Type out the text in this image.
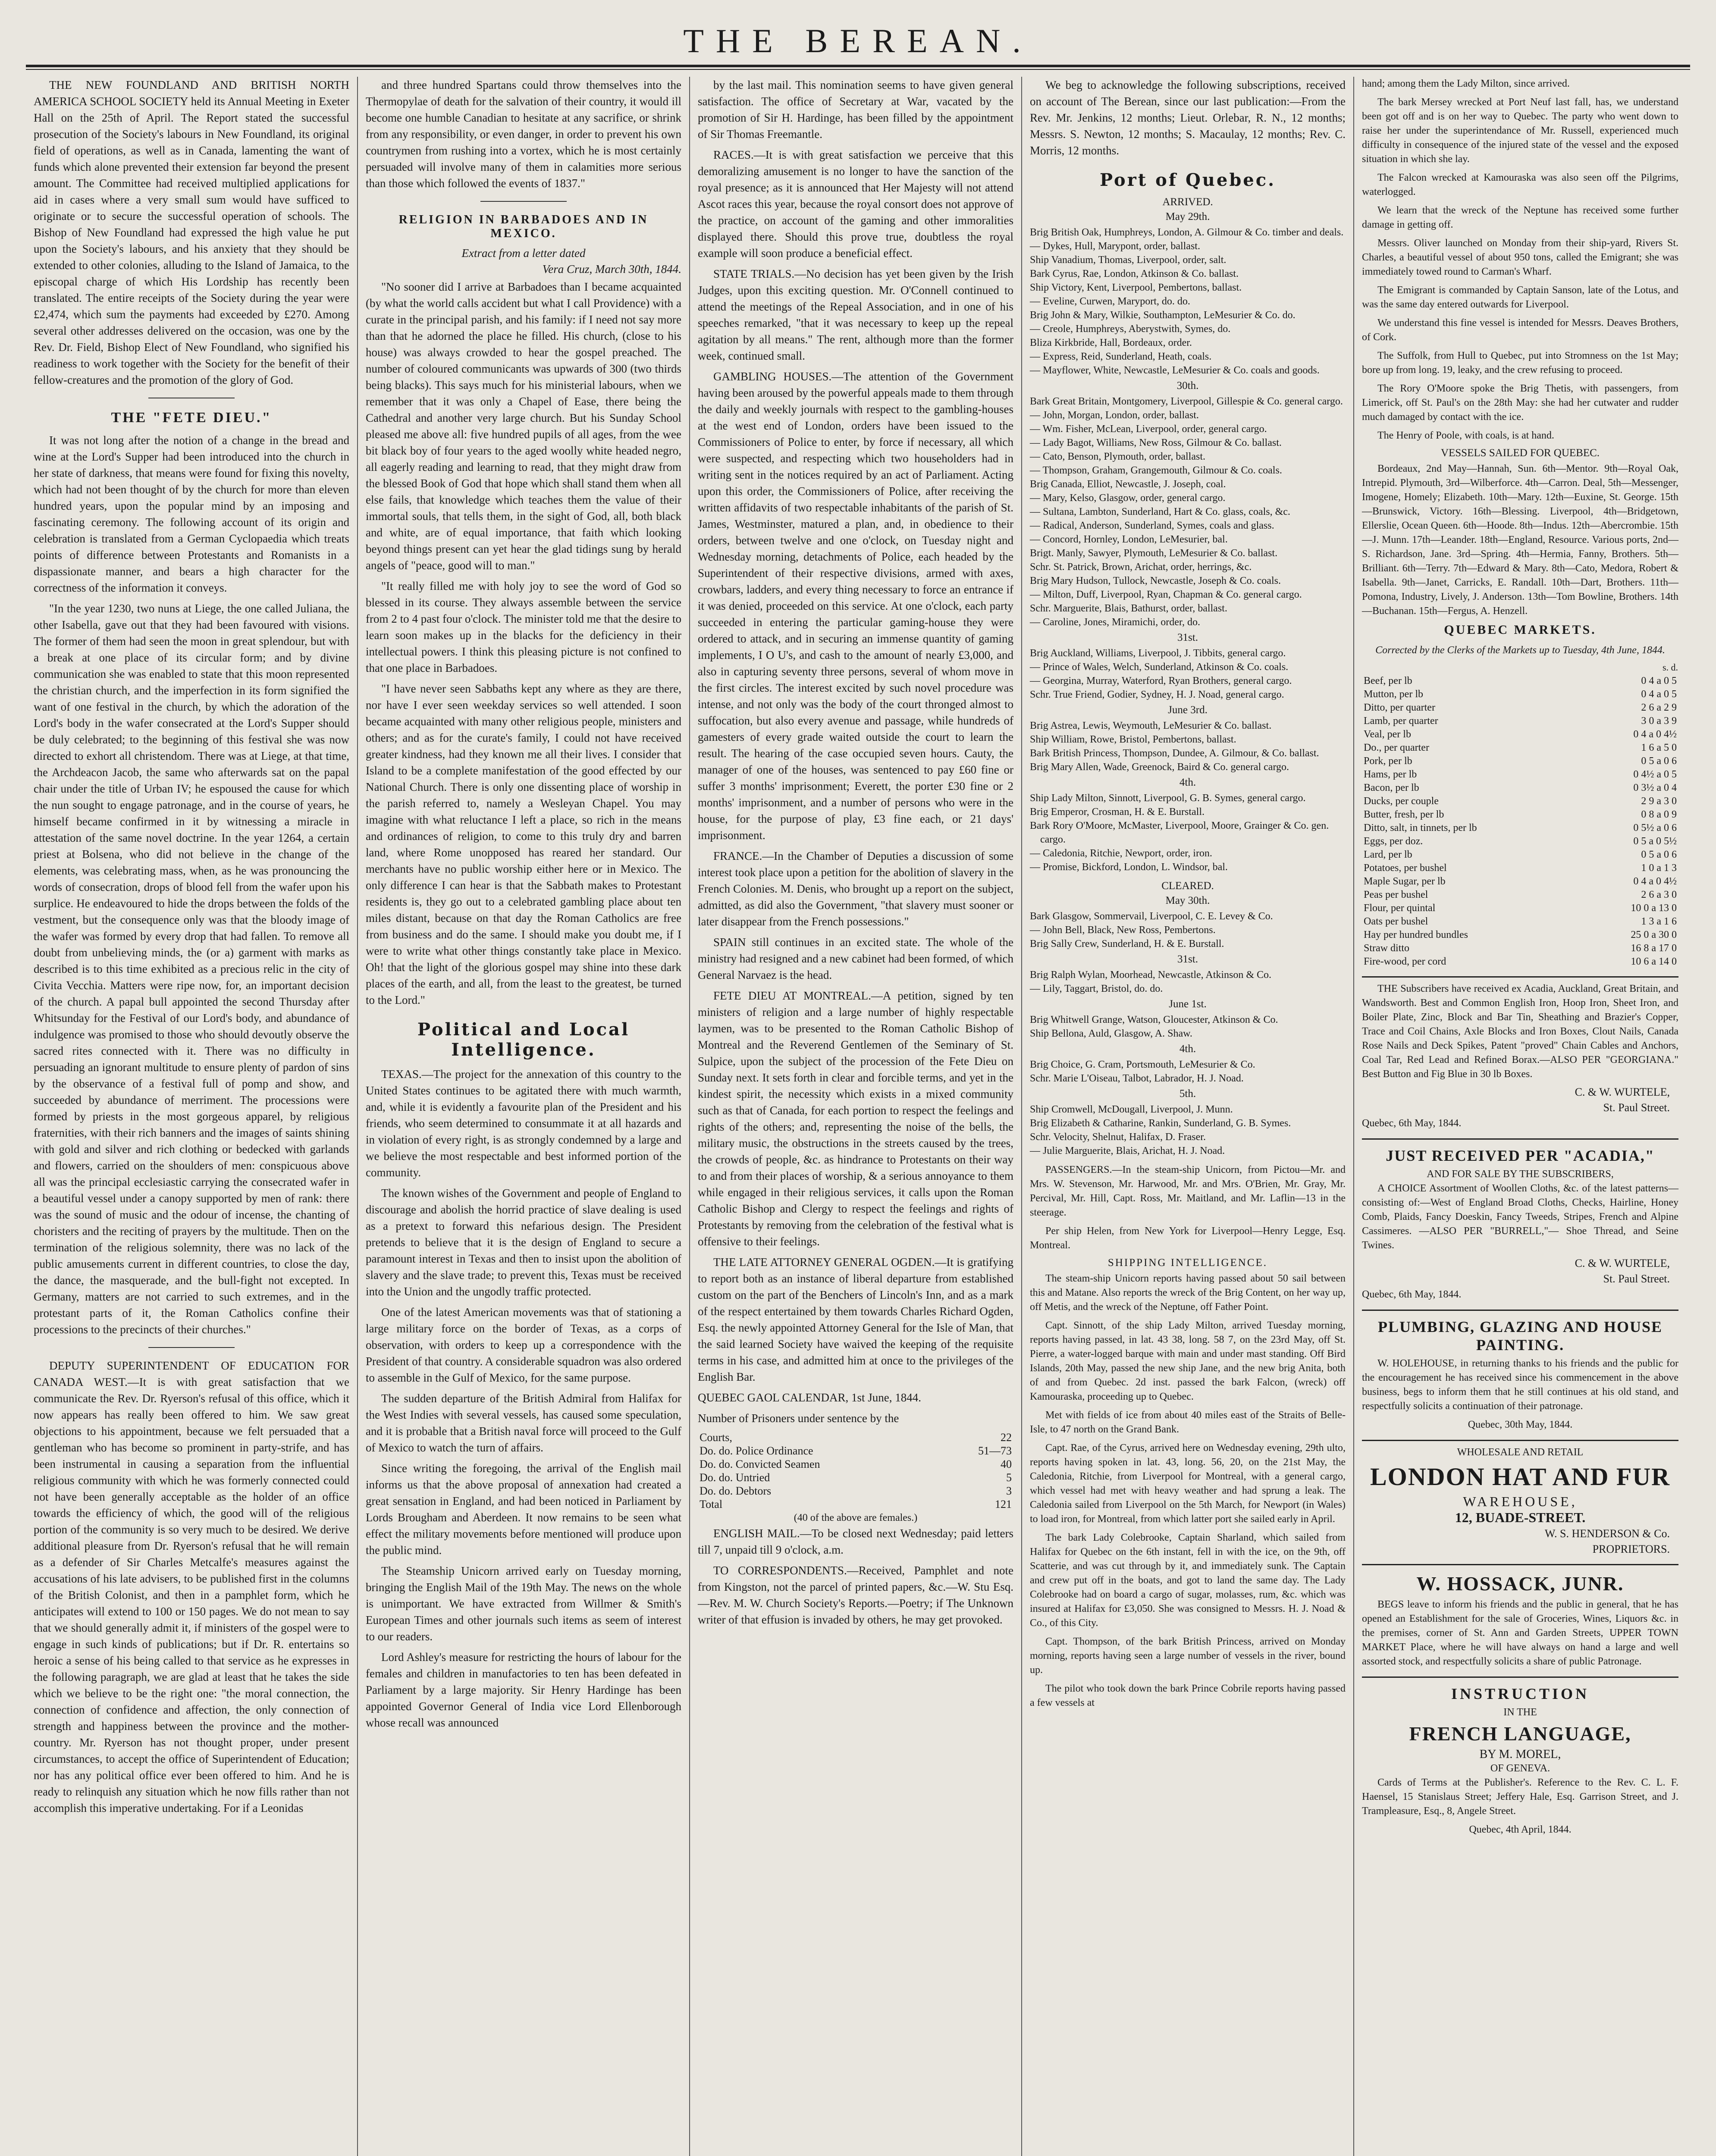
THE BEREAN.

THE NEW FOUNDLAND AND BRITISH NORTH AMERICA SCHOOL SOCIETY held its Annual Meeting in Exeter Hall on the 25th of April. The Report stated the successful prosecution of the Society's labours in New Foundland, its original field of operations, as well as in Canada, lamenting the want of funds which alone prevented their extension far beyond the present amount. The Committee had received multiplied applications for aid in cases where a very small sum would have sufficed to originate or to secure the successful operation of schools. The Bishop of New Foundland had expressed the high value he put upon the Society's labours, and his anxiety that they should be extended to other colonies, alluding to the Island of Jamaica, to the episcopal charge of which His Lordship has recently been translated. The entire receipts of the Society during the year were £2,474, which sum the payments had exceeded by £270. Among several other addresses delivered on the occasion, was one by the Rev. Dr. Field, Bishop Elect of New Foundland, who signified his readiness to work together with the Society for the benefit of their fellow-creatures and the promotion of the glory of God.

THE "FETE DIEU."

It was not long after the notion of a change in the bread and wine at the Lord's Supper had been introduced into the church in her state of darkness, that means were found for fixing this novelty, which had not been thought of by the church for more than eleven hundred years, upon the popular mind by an imposing and fascinating ceremony. The following account of its origin and celebration is translated from a German Cyclopaedia which treats points of difference between Protestants and Romanists in a dispassionate manner, and bears a high character for the correctness of the information it conveys.

"In the year 1230, two nuns at Liege, the one called Juliana, the other Isabella, gave out that they had been favoured with visions. The former of them had seen the moon in great splendour, but with a break at one place of its circular form; and by divine communication she was enabled to state that this moon represented the christian church, and the imperfection in its form signified the want of one festival in the church, by which the adoration of the Lord's body in the wafer consecrated at the Lord's Supper should be duly celebrated; to the beginning of this festival she was now directed to exhort all christendom. There was at Liege, at that time, the Archdeacon Jacob, the same who afterwards sat on the papal chair under the title of Urban IV; he espoused the cause for which the nun sought to engage patronage, and in the course of years, he himself became confirmed in it by witnessing a miracle in attestation of the same novel doctrine. In the year 1264, a certain priest at Bolsena, who did not believe in the change of the elements, was celebrating mass, when, as he was pronouncing the words of consecration, drops of blood fell from the wafer upon his surplice. He endeavoured to hide the drops between the folds of the vestment, but the consequence only was that the bloody image of the wafer was formed by every drop that had fallen. To remove all doubt from unbelieving minds, the (or a) garment with marks as described is to this time exhibited as a precious relic in the city of Civita Vecchia. Matters were ripe now, for, an important decision of the church. A papal bull appointed the second Thursday after Whitsunday for the Festival of our Lord's body, and abundance of indulgence was promised to those who should devoutly observe the sacred rites connected with it. There was no difficulty in persuading an ignorant multitude to ensure plenty of pardon of sins by the observance of a festival full of pomp and show, and succeeded by abundance of merriment. The processions were formed by priests in the most gorgeous apparel, by religious fraternities, with their rich banners and the images of saints shining with gold and silver and rich clothing or bedecked with garlands and flowers, carried on the shoulders of men: conspicuous above all was the principal ecclesiastic carrying the consecrated wafer in a beautiful vessel under a canopy supported by men of rank: there was the sound of music and the odour of incense, the chanting of choristers and the reciting of prayers by the multitude. Then on the termination of the religious solemnity, there was no lack of the public amusements current in different countries, to close the day, the dance, the masquerade, and the bull-fight not excepted. In Germany, matters are not carried to such extremes, and in the protestant parts of it, the Roman Catholics confine their processions to the precincts of their churches."

DEPUTY SUPERINTENDENT OF EDUCATION FOR CANADA WEST.—It is with great satisfaction that we communicate the Rev. Dr. Ryerson's refusal of this office, which it now appears has really been offered to him. We saw great objections to his appointment, because we felt persuaded that a gentleman who has become so prominent in party-strife, and has been instrumental in causing a separation from the influential religious community with which he was formerly connected could not have been generally acceptable as the holder of an office towards the efficiency of which, the good will of the religious portion of the community is so very much to be desired. We derive additional pleasure from Dr. Ryerson's refusal that he will remain as a defender of Sir Charles Metcalfe's measures against the accusations of his late advisers, to be published first in the columns of the British Colonist, and then in a pamphlet form, which he anticipates will extend to 100 or 150 pages. We do not mean to say that we should generally admit it, if ministers of the gospel were to engage in such kinds of publications; but if Dr. R. entertains so heroic a sense of his being called to that service as he expresses in the following paragraph, we are glad at least that he takes the side which we believe to be the right one: "the moral connection, the connection of confidence and affection, the only connection of strength and happiness between the province and the mother-country. Mr. Ryerson has not thought proper, under present circumstances, to accept the office of Superintendent of Education; nor has any political office ever been offered to him. And he is ready to relinquish any situation which he now fills rather than not accomplish this imperative undertaking. For if a Leonidas

and three hundred Spartans could throw themselves into the Thermopylae of death for the salvation of their country, it would ill become one humble Canadian to hesitate at any sacrifice, or shrink from any responsibility, or even danger, in order to prevent his own countrymen from rushing into a vortex, which he is most certainly persuaded will involve many of them in calamities more serious than those which followed the events of 1837."

RELIGION IN BARBADOES AND IN MEXICO.
Extract from a letter dated
Vera Cruz, March 30th, 1844.

"No sooner did I arrive at Barbadoes than I became acquainted (by what the world calls accident but what I call Providence) with a curate in the principal parish, and his family: if I need not say more than that he adorned the place he filled. His church, (close to his house) was always crowded to hear the gospel preached. The number of coloured communicants was upwards of 300 (two thirds being blacks). This says much for his ministerial labours, when we remember that it was only a Chapel of Ease, there being the Cathedral and another very large church. But his Sunday School pleased me above all: five hundred pupils of all ages, from the wee bit black boy of four years to the aged woolly white headed negro, all eagerly reading and learning to read, that they might draw from the blessed Book of God that hope which shall stand them when all else fails, that knowledge which teaches them the value of their immortal souls, that tells them, in the sight of God, all, both black and white, are of equal importance, that faith which looking beyond things present can yet hear the glad tidings sung by herald angels of "peace, good will to man."

"It really filled me with holy joy to see the word of God so blessed in its course. They always assemble between the service from 2 to 4 past four o'clock. The minister told me that the desire to learn soon makes up in the blacks for the deficiency in their intellectual powers. I think this pleasing picture is not confined to that one place in Barbadoes.

"I have never seen Sabbaths kept any where as they are there, nor have I ever seen weekday services so well attended. I soon became acquainted with many other religious people, ministers and others; and as for the curate's family, I could not have received greater kindness, had they known me all their lives. I consider that Island to be a complete manifestation of the good effected by our National Church. There is only one dissenting place of worship in the parish referred to, namely a Wesleyan Chapel. You may imagine with what reluctance I left a place, so rich in the means and ordinances of religion, to come to this truly dry and barren land, where Rome unopposed has reared her standard. Our merchants have no public worship either here or in Mexico. The only difference I can hear is that the Sabbath makes to Protestant residents is, they go out to a celebrated gambling place about ten miles distant, because on that day the Roman Catholics are free from business and do the same. I should make you doubt me, if I were to write what other things constantly take place in Mexico. Oh! that the light of the glorious gospel may shine into these dark places of the earth, and all, from the least to the greatest, be turned to the Lord."

Political and Local Intelligence.

TEXAS.—The project for the annexation of this country to the United States continues to be agitated there with much warmth, and, while it is evidently a favourite plan of the President and his friends, who seem determined to consummate it at all hazards and in violation of every right, is as strongly condemned by a large and we believe the most respectable and best informed portion of the community.

The known wishes of the Government and people of England to discourage and abolish the horrid practice of slave dealing is used as a pretext to forward this nefarious design. The President pretends to believe that it is the design of England to secure a paramount interest in Texas and then to insist upon the abolition of slavery and the slave trade; to prevent this, Texas must be received into the Union and the ungodly traffic protected.

One of the latest American movements was that of stationing a large military force on the border of Texas, as a corps of observation, with orders to keep up a correspondence with the President of that country. A considerable squadron was also ordered to assemble in the Gulf of Mexico, for the same purpose.

The sudden departure of the British Admiral from Halifax for the West Indies with several vessels, has caused some speculation, and it is probable that a British naval force will proceed to the Gulf of Mexico to watch the turn of affairs.

Since writing the foregoing, the arrival of the English mail informs us that the above proposal of annexation had created a great sensation in England, and had been noticed in Parliament by Lords Brougham and Aberdeen. It now remains to be seen what effect the military movements before mentioned will produce upon the public mind.

The Steamship Unicorn arrived early on Tuesday morning, bringing the English Mail of the 19th May. The news on the whole is unimportant. We have extracted from Willmer & Smith's European Times and other journals such items as seem of interest to our readers.

Lord Ashley's measure for restricting the hours of labour for the females and children in manufactories to ten has been defeated in Parliament by a large majority. Sir Henry Hardinge has been appointed Governor General of India vice Lord Ellenborough whose recall was announced

by the last mail. This nomination seems to have given general satisfaction. The office of Secretary at War, vacated by the promotion of Sir H. Hardinge, has been filled by the appointment of Sir Thomas Freemantle.

RACES.—It is with great satisfaction we perceive that this demoralizing amusement is no longer to have the sanction of the royal presence; as it is announced that Her Majesty will not attend Ascot races this year, because the royal consort does not approve of the practice, on account of the gaming and other immoralities displayed there. Should this prove true, doubtless the royal example will soon produce a beneficial effect.

STATE TRIALS.—No decision has yet been given by the Irish Judges, upon this exciting question. Mr. O'Connell continued to attend the meetings of the Repeal Association, and in one of his speeches remarked, "that it was necessary to keep up the repeal agitation by all means." The rent, although more than the former week, continued small.

GAMBLING HOUSES.—The attention of the Government having been aroused by the powerful appeals made to them through the daily and weekly journals with respect to the gambling-houses at the west end of London, orders have been issued to the Commissioners of Police to enter, by force if necessary, all which were suspected, and respecting which two householders had in writing sent in the notices required by an act of Parliament. Acting upon this order, the Commissioners of Police, after receiving the written affidavits of two respectable inhabitants of the parish of St. James, Westminster, matured a plan, and, in obedience to their orders, between twelve and one o'clock, on Tuesday night and Wednesday morning, detachments of Police, each headed by the Superintendent of their respective divisions, armed with axes, crowbars, ladders, and every thing necessary to force an entrance if it was denied, proceeded on this service. At one o'clock, each party succeeded in entering the particular gaming-house they were ordered to attack, and in securing an immense quantity of gaming implements, I O U's, and cash to the amount of nearly £3,000, and also in capturing seventy three persons, several of whom move in the first circles. The interest excited by such novel procedure was intense, and not only was the body of the court thronged almost to suffocation, but also every avenue and passage, while hundreds of gamesters of every grade waited outside the court to learn the result. The hearing of the case occupied seven hours. Cauty, the manager of one of the houses, was sentenced to pay £60 fine or suffer 3 months' imprisonment; Everett, the porter £30 fine or 2 months' imprisonment, and a number of persons who were in the house, for the purpose of play, £3 fine each, or 21 days' imprisonment.

FRANCE.—In the Chamber of Deputies a discussion of some interest took place upon a petition for the abolition of slavery in the French Colonies. M. Denis, who brought up a report on the subject, admitted, as did also the Government, "that slavery must sooner or later disappear from the French possessions."

SPAIN still continues in an excited state. The whole of the ministry had resigned and a new cabinet had been formed, of which General Narvaez is the head.

FETE DIEU AT MONTREAL.—A petition, signed by ten ministers of religion and a large number of highly respectable laymen, was to be presented to the Roman Catholic Bishop of Montreal and the Reverend Gentlemen of the Seminary of St. Sulpice, upon the subject of the procession of the Fete Dieu on Sunday next. It sets forth in clear and forcible terms, and yet in the kindest spirit, the necessity which exists in a mixed community such as that of Canada, for each portion to respect the feelings and rights of the others; and, representing the noise of the bells, the military music, the obstructions in the streets caused by the trees, the crowds of people, &c. as hindrance to Protestants on their way to and from their places of worship, & a serious annoyance to them while engaged in their religious services, it calls upon the Roman Catholic Bishop and Clergy to respect the feelings and rights of Protestants by removing from the celebration of the festival what is offensive to their feelings.

THE LATE ATTORNEY GENERAL OGDEN.—It is gratifying to report both as an instance of liberal departure from established custom on the part of the Benchers of Lincoln's Inn, and as a mark of the respect entertained by them towards Charles Richard Ogden, Esq. the newly appointed Attorney General for the Isle of Man, that the said learned Society have waived the keeping of the requisite terms in his case, and admitted him at once to the privileges of the English Bar.

QUEBEC GAOL CALENDAR, 1st June, 1844.

Number of Prisoners under sentence by the

Courts,	22
Do. do. Police Ordinance	51—73
Do. do. Convicted Seamen	40
Do. do. Untried	5
Do. do. Debtors	3
Total	121
(40 of the above are females.)

ENGLISH MAIL.—To be closed next Wednesday; paid letters till 7, unpaid till 9 o'clock, a.m.

TO CORRESPONDENTS.—Received, Pamphlet and note from Kingston, not the parcel of printed papers, &c.—W. Stu Esq.—Rev. M. W. Church Society's Reports.—Poetry; if The Unknown writer of that effusion is invaded by others, he may get provoked.

We beg to acknowledge the following subscriptions, received on account of The Berean, since our last publication:—From the Rev. Mr. Jenkins, 12 months; Lieut. Orlebar, R. N., 12 months; Messrs. S. Newton, 12 months; S. Macaulay, 12 months; Rev. C. Morris, 12 months.

Port of Quebec.
ARRIVED.
May 29th.

Brig British Oak, Humphreys, London, A. Gilmour & Co. timber and deals.

— Dykes, Hull, Marypont, order, ballast.

Ship Vanadium, Thomas, Liverpool, order, salt.

Bark Cyrus, Rae, London, Atkinson & Co. ballast.

Ship Victory, Kent, Liverpool, Pembertons, ballast.

— Eveline, Curwen, Maryport, do. do.

Brig John & Mary, Wilkie, Southampton, LeMesurier & Co. do.

— Creole, Humphreys, Aberystwith, Symes, do.

Bliza Kirkbride, Hall, Bordeaux, order.

— Express, Reid, Sunderland, Heath, coals.

— Mayflower, White, Newcastle, LeMesurier & Co. coals and goods.

30th.

Bark Great Britain, Montgomery, Liverpool, Gillespie & Co. general cargo.

— John, Morgan, London, order, ballast.

— Wm. Fisher, McLean, Liverpool, order, general cargo.

— Lady Bagot, Williams, New Ross, Gilmour & Co. ballast.

— Cato, Benson, Plymouth, order, ballast.

— Thompson, Graham, Grangemouth, Gilmour & Co. coals.

Brig Canada, Elliot, Newcastle, J. Joseph, coal.

— Mary, Kelso, Glasgow, order, general cargo.

— Sultana, Lambton, Sunderland, Hart & Co. glass, coals, &c.

— Radical, Anderson, Sunderland, Symes, coals and glass.

— Concord, Hornley, London, LeMesurier, bal.

Brigt. Manly, Sawyer, Plymouth, LeMesurier & Co. ballast.

Schr. St. Patrick, Brown, Arichat, order, herrings, &c.

Brig Mary Hudson, Tullock, Newcastle, Joseph & Co. coals.

— Milton, Duff, Liverpool, Ryan, Chapman & Co. general cargo.

Schr. Marguerite, Blais, Bathurst, order, ballast.

— Caroline, Jones, Miramichi, order, do.

31st.

Brig Auckland, Williams, Liverpool, J. Tibbits, general cargo.

— Prince of Wales, Welch, Sunderland, Atkinson & Co. coals.

— Georgina, Murray, Waterford, Ryan Brothers, general cargo.

Schr. True Friend, Godier, Sydney, H. J. Noad, general cargo.

June 3rd.

Brig Astrea, Lewis, Weymouth, LeMesurier & Co. ballast.

Ship William, Rowe, Bristol, Pembertons, ballast.

Bark British Princess, Thompson, Dundee, A. Gilmour, & Co. ballast.

Brig Mary Allen, Wade, Greenock, Baird & Co. general cargo.

4th.

Ship Lady Milton, Sinnott, Liverpool, G. B. Symes, general cargo.

Brig Emperor, Crosman, H. & E. Burstall.

Bark Rory O'Moore, McMaster, Liverpool, Moore, Grainger & Co. gen. cargo.

— Caledonia, Ritchie, Newport, order, iron.

— Promise, Bickford, London, L. Windsor, bal.

CLEARED.
May 30th.

Bark Glasgow, Sommervail, Liverpool, C. E. Levey & Co.

— John Bell, Black, New Ross, Pembertons.

Brig Sally Crew, Sunderland, H. & E. Burstall.

31st.

Brig Ralph Wylan, Moorhead, Newcastle, Atkinson & Co.

— Lily, Taggart, Bristol, do. do.

June 1st.

Brig Whitwell Grange, Watson, Gloucester, Atkinson & Co.

Ship Bellona, Auld, Glasgow, A. Shaw.

4th.

Brig Choice, G. Cram, Portsmouth, LeMesurier & Co.

Schr. Marie L'Oiseau, Talbot, Labrador, H. J. Noad.

5th.

Ship Cromwell, McDougall, Liverpool, J. Munn.

Brig Elizabeth & Catharine, Rankin, Sunderland, G. B. Symes.

Schr. Velocity, Shelnut, Halifax, D. Fraser.

— Julie Marguerite, Blais, Arichat, H. J. Noad.

PASSENGERS.—In the steam-ship Unicorn, from Pictou—Mr. and Mrs. W. Stevenson, Mr. Harwood, Mr. and Mrs. O'Brien, Mr. Gray, Mr. Percival, Mr. Hill, Capt. Ross, Mr. Maitland, and Mr. Laflin—13 in the steerage.

Per ship Helen, from New York for Liverpool—Henry Legge, Esq. Montreal.

SHIPPING INTELLIGENCE.

The steam-ship Unicorn reports having passed about 50 sail between this and Matane. Also reports the wreck of the Brig Content, on her way up, off Metis, and the wreck of the Neptune, off Father Point.

Capt. Sinnott, of the ship Lady Milton, arrived Tuesday morning, reports having passed, in lat. 43 38, long. 58 7, on the 23rd May, off St. Pierre, a water-logged barque with main and under mast standing. Off Bird Islands, 20th May, passed the new ship Jane, and the new brig Anita, both of and from Quebec. 2d inst. passed the bark Falcon, (wreck) off Kamouraska, proceeding up to Quebec.

Met with fields of ice from about 40 miles east of the Straits of Belle-Isle, to 47 north on the Grand Bank.

Capt. Rae, of the Cyrus, arrived here on Wednesday evening, 29th ulto, reports having spoken in lat. 43, long. 56, 20, on the 21st May, the Caledonia, Ritchie, from Liverpool for Montreal, with a general cargo, which vessel had met with heavy weather and had sprung a leak. The Caledonia sailed from Liverpool on the 5th March, for Newport (in Wales) to load iron, for Montreal, from which latter port she sailed early in April.

The bark Lady Colebrooke, Captain Sharland, which sailed from Halifax for Quebec on the 6th instant, fell in with the ice, on the 9th, off Scatterie, and was cut through by it, and immediately sunk. The Captain and crew put off in the boats, and got to land the same day. The Lady Colebrooke had on board a cargo of sugar, molasses, rum, &c. which was insured at Halifax for £3,050. She was consigned to Messrs. H. J. Noad & Co., of this City.

Capt. Thompson, of the bark British Princess, arrived on Monday morning, reports having seen a large number of vessels in the river, bound up.

The pilot who took down the bark Prince Cobrile reports having passed a few vessels at

hand; among them the Lady Milton, since arrived.

The bark Mersey wrecked at Port Neuf last fall, has, we understand been got off and is on her way to Quebec. The party who went down to raise her under the superintendance of Mr. Russell, experienced much difficulty in consequence of the injured state of the vessel and the exposed situation in which she lay.

The Falcon wrecked at Kamouraska was also seen off the Pilgrims, waterlogged.

We learn that the wreck of the Neptune has received some further damage in getting off.

Messrs. Oliver launched on Monday from their ship-yard, Rivers St. Charles, a beautiful vessel of about 950 tons, called the Emigrant; she was immediately towed round to Carman's Wharf.

The Emigrant is commanded by Captain Sanson, late of the Lotus, and was the same day entered outwards for Liverpool.

We understand this fine vessel is intended for Messrs. Deaves Brothers, of Cork.

The Suffolk, from Hull to Quebec, put into Stromness on the 1st May; bore up from long. 19, leaky, and the crew refusing to proceed.

The Rory O'Moore spoke the Brig Thetis, with passengers, from Limerick, off St. Paul's on the 28th May: she had her cutwater and rudder much damaged by contact with the ice.

The Henry of Poole, with coals, is at hand.

VESSELS SAILED FOR QUEBEC.

Bordeaux, 2nd May—Hannah, Sun. 6th—Mentor. 9th—Royal Oak, Intrepid. Plymouth, 3rd—Wilberforce. 4th—Carron. Deal, 5th—Messenger, Imogene, Homely; Elizabeth. 10th—Mary. 12th—Euxine, St. George. 15th—Brunswick, Victory. 16th—Blessing. Liverpool, 4th—Bridgetown, Ellerslie, Ocean Queen. 6th—Hoode. 8th—Indus. 12th—Abercrombie. 15th—J. Munn. 17th—Leander. 18th—England, Resource. Various ports, 2nd—S. Richardson, Jane. 3rd—Spring. 4th—Hermia, Fanny, Brothers. 5th—Brilliant. 6th—Terry. 7th—Edward & Mary. 8th—Cato, Medora, Robert & Isabella. 9th—Janet, Carricks, E. Randall. 10th—Dart, Brothers. 11th—Pomona, Industry, Lively, J. Anderson. 13th—Tom Bowline, Brothers. 14th—Buchanan. 15th—Fergus, A. Henzell.

QUEBEC MARKETS.
Corrected by the Clerks of the Markets up to Tuesday, 4th June, 1844.
	s. d.
Beef, per lb	0 4 a 0 5
Mutton, per lb	0 4 a 0 5
Ditto, per quarter	2 6 a 2 9
Lamb, per quarter	3 0 a 3 9
Veal, per lb	0 4 a 0 4½
Do., per quarter	1 6 a 5 0
Pork, per lb	0 5 a 0 6
Hams, per lb	0 4½ a 0 5
Bacon, per lb	0 3½ a 0 4
Ducks, per couple	2 9 a 3 0
Butter, fresh, per lb	0 8 a 0 9
Ditto, salt, in tinnets, per lb	0 5½ a 0 6
Eggs, per doz.	0 5 a 0 5½
Lard, per lb	0 5 a 0 6
Potatoes, per bushel	1 0 a 1 3
Maple Sugar, per lb	0 4 a 0 4½
Peas per bushel	2 6 a 3 0
Flour, per quintal	10 0 a 13 0
Oats per bushel	1 3 a 1 6
Hay per hundred bundles	25 0 a 30 0
Straw ditto	16 8 a 17 0
Fire-wood, per cord	10 6 a 14 0

THE Subscribers have received ex Acadia, Auckland, Great Britain, and Wandsworth. Best and Common English Iron, Hoop Iron, Sheet Iron, and Boiler Plate, Zinc, Block and Bar Tin, Sheathing and Brazier's Copper, Trace and Coil Chains, Axle Blocks and Iron Boxes, Clout Nails, Canada Rose Nails and Deck Spikes, Patent "proved" Chain Cables and Anchors, Coal Tar, Red Lead and Refined Borax.—ALSO PER "GEORGIANA." Best Button and Fig Blue in 30 lb Boxes.

C. & W. WURTELE,
St. Paul Street.
Quebec, 6th May, 1844.
JUST RECEIVED PER "ACADIA,"
AND FOR SALE BY THE SUBSCRIBERS,

A CHOICE Assortment of Woollen Cloths, &c. of the latest patterns—consisting of:—West of England Broad Cloths, Checks, Hairline, Honey Comb, Plaids, Fancy Doeskin, Fancy Tweeds, Stripes, French and Alpine Cassimeres. —ALSO PER "BURRELL,"— Shoe Thread, and Seine Twines.

C. & W. WURTELE,
St. Paul Street.
Quebec, 6th May, 1844.
PLUMBING, GLAZING AND HOUSE PAINTING.

W. HOLEHOUSE, in returning thanks to his friends and the public for the encouragement he has received since his commencement in the above business, begs to inform them that he still continues at his old stand, and respectfully solicits a continuation of their patronage.

Quebec, 30th May, 1844.
WHOLESALE AND RETAIL
LONDON HAT AND FUR
WAREHOUSE,
12, BUADE-STREET.
W. S. HENDERSON & Co.
PROPRIETORS.
W. HOSSACK, JUNR.

BEGS leave to inform his friends and the public in general, that he has opened an Establishment for the sale of Groceries, Wines, Liquors &c. in the premises, corner of St. Ann and Garden Streets, UPPER TOWN MARKET Place, where he will have always on hand a large and well assorted stock, and respectfully solicits a share of public Patronage.

INSTRUCTION
IN THE
FRENCH LANGUAGE,
BY M. MOREL,
OF GENEVA.

Cards of Terms at the Publisher's. Reference to the Rev. C. L. F. Haensel, 15 Stanislaus Street; Jeffery Hale, Esq. Garrison Street, and J. Trampleasure, Esq., 8, Angele Street.

Quebec, 4th April, 1844.
